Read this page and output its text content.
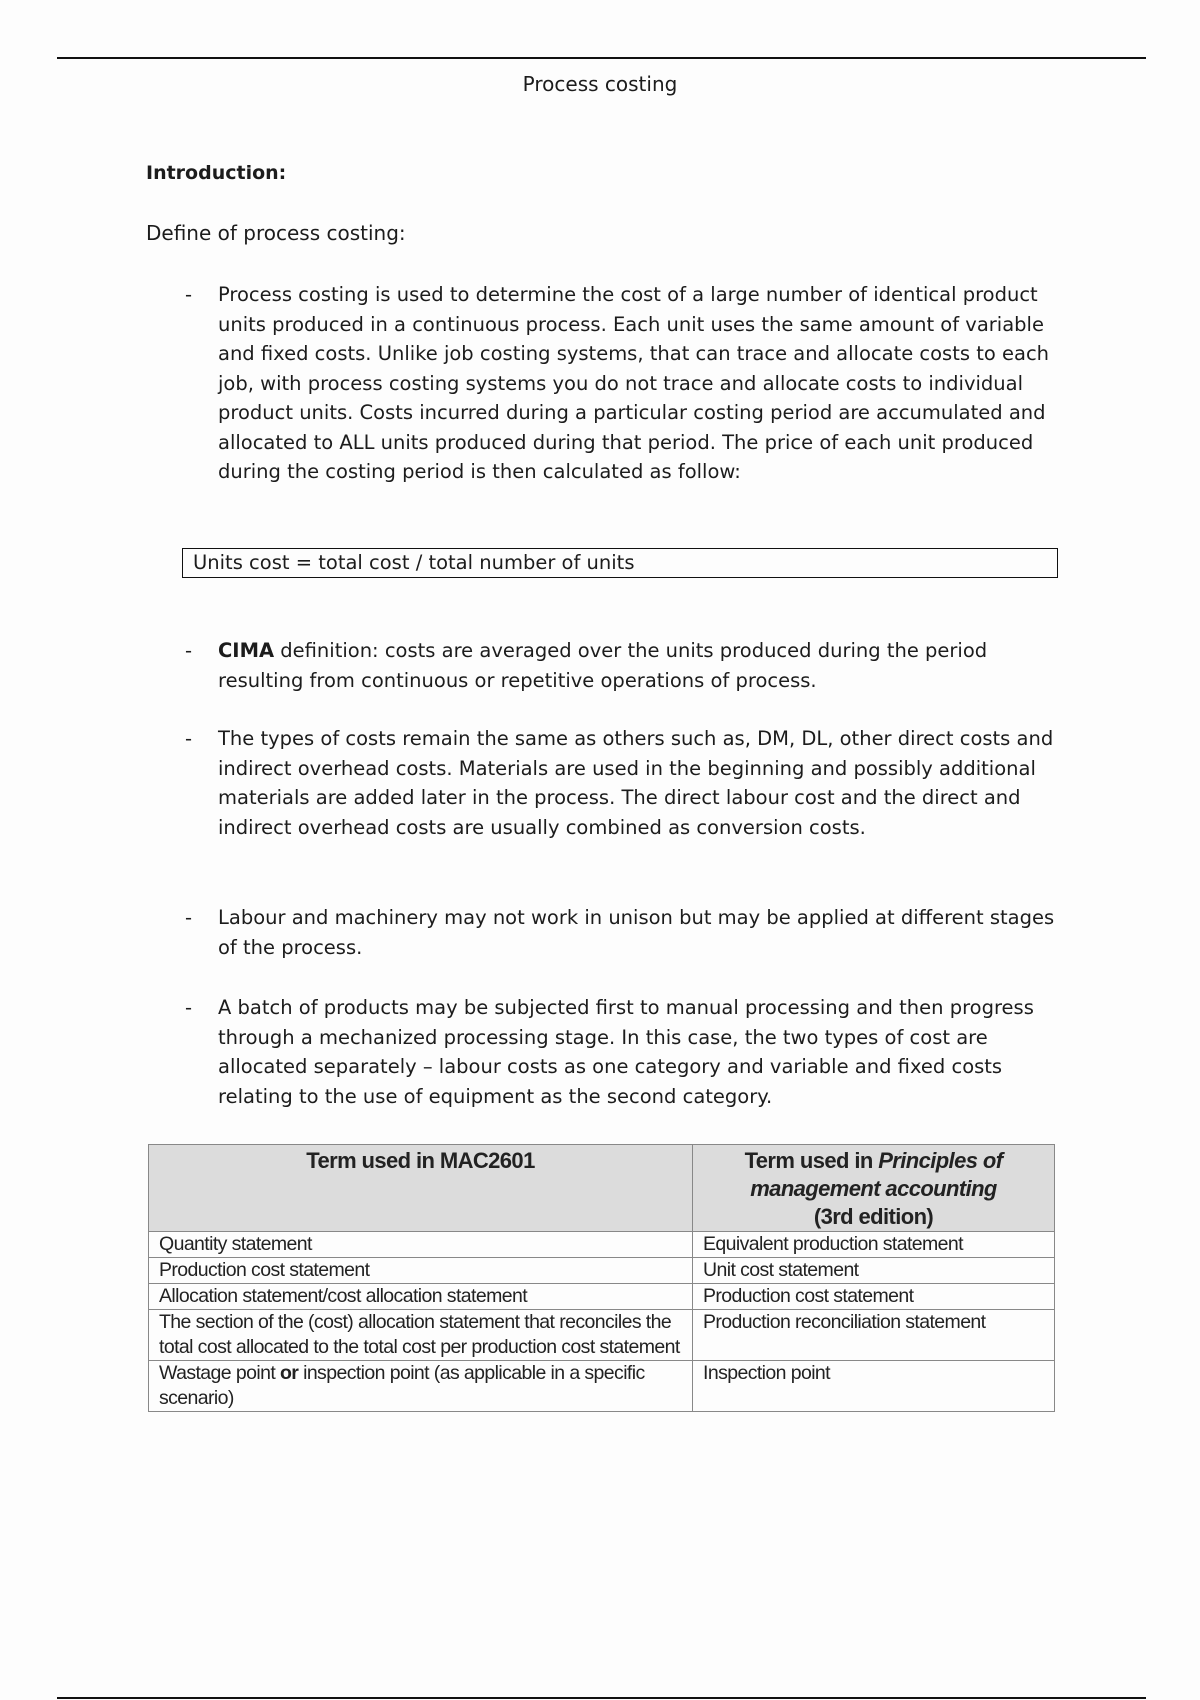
Process costing
Introduction:
Define of process costing:
- Process costing is used to determine the cost of a large number of identical product units produced in a continuous process. Each unit uses the same amount of variable and fixed costs. Unlike job costing systems, that can trace and allocate costs to each job, with process costing systems you do not trace and allocate costs to individual product units. Costs incurred during a particular costing period are accumulated and allocated to ALL units produced during that period. The price of each unit produced during the costing period is then calculated as follow:
Units cost = total cost / total number of units
- CIMA definition: costs are averaged over the units produced during the period resulting from continuous or repetitive operations of process.
- The types of costs remain the same as others such as, DM, DL, other direct costs and indirect overhead costs. Materials are used in the beginning and possibly additional materials are added later in the process. The direct labour cost and the direct and indirect overhead costs are usually combined as conversion costs.
- Labour and machinery may not work in unison but may be applied at different stages of the process.
- A batch of products may be subjected first to manual processing and then progress through a mechanized processing stage. In this case, the two types of cost are allocated separately – labour costs as one category and variable and fixed costs relating to the use of equipment as the second category.
Term used in MAC2601	Term used in Principles of management accounting
(3rd edition)
Quantity statement	Equivalent production statement
Production cost statement	Unit cost statement
Allocation statement/cost allocation statement	Production cost statement
The section of the (cost) allocation statement that reconciles the total cost allocated to the total cost per production cost statement	Production reconciliation statement
Wastage point or inspection point (as applicable in a specific scenario)	Inspection point
